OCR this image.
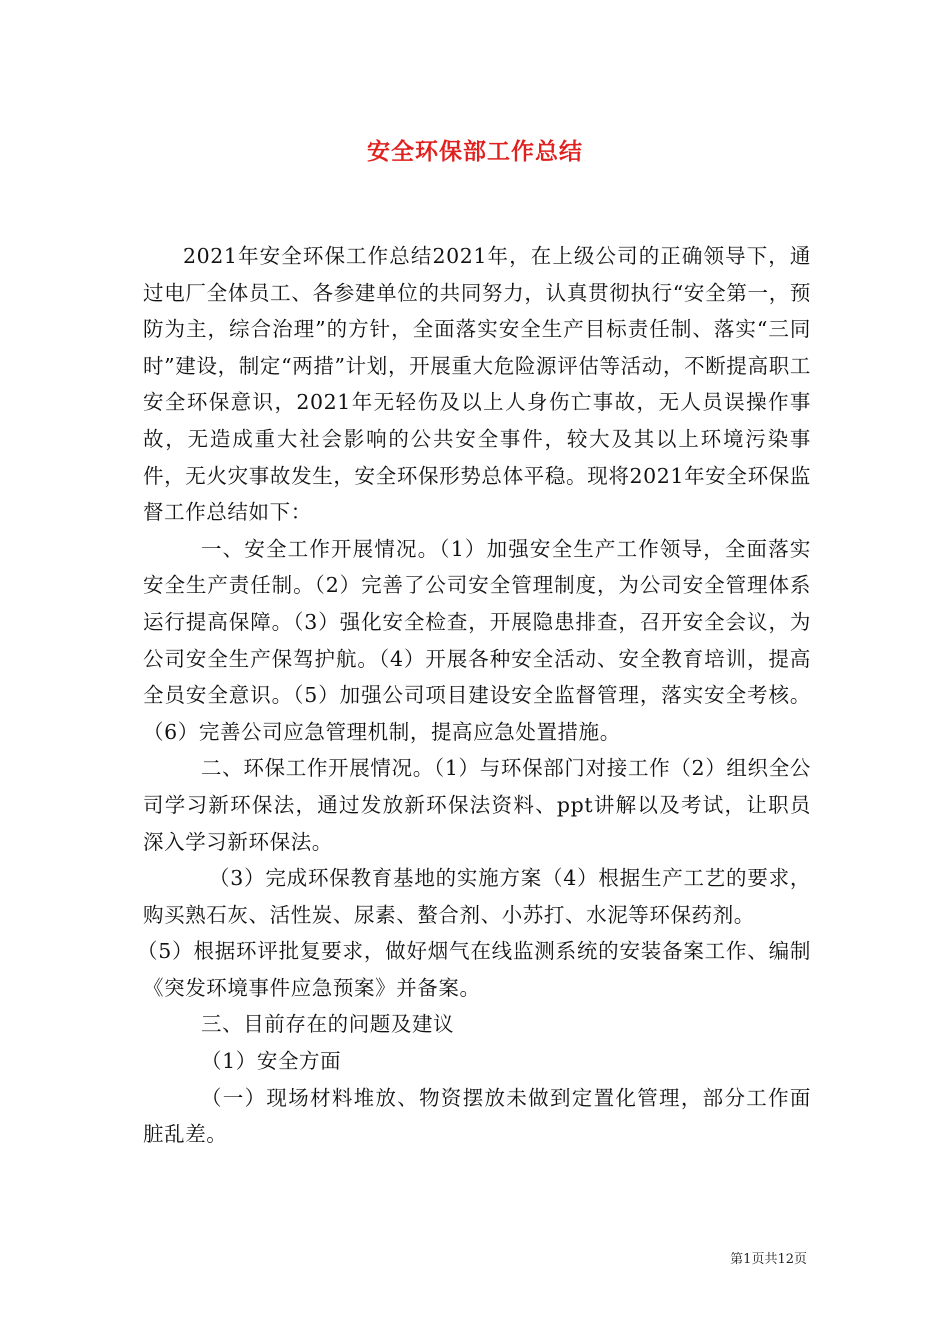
安全环保部工作总结

2021年安全环保工作总结2021年，在上级公司的正确领导下，通过电厂全体员工、各参建单位的共同努力，认真贯彻执行“安全第一，预防为主，综合治理”的方针，全面落实安全生产目标责任制、落实“三同时”建设，制定“两措”计划，开展重大危险源评估等活动，不断提高职工安全环保意识，2021年无轻伤及以上人身伤亡事故，无人员误操作事故，无造成重大社会影响的公共安全事件，较大及其以上环境污染事件，无火灾事故发生，安全环保形势总体平稳。现将2021年安全环保监督工作总结如下：

一、安全工作开展情况。（1）加强安全生产工作领导，全面落实安全生产责任制。（2）完善了公司安全管理制度，为公司安全管理体系运行提高保障。（3）强化安全检查，开展隐患排查，召开安全会议，为公司安全生产保驾护航。（4）开展各种安全活动、安全教育培训，提高全员安全意识。（5）加强公司项目建设安全监督管理，落实安全考核。（6）完善公司应急管理机制，提高应急处置措施。

二、环保工作开展情况。（1）与环保部门对接工作（2）组织全公司学习新环保法，通过发放新环保法资料、ppt讲解以及考试，让职员深入学习新环保法。

（3）完成环保教育基地的实施方案（4）根据生产工艺的要求，购买熟石灰、活性炭、尿素、螯合剂、小苏打、水泥等环保药剂。

（5）根据环评批复要求，做好烟气在线监测系统的安装备案工作、编制《突发环境事件应急预案》并备案。

三、目前存在的问题及建议

（1）安全方面

（一）现场材料堆放、物资摆放未做到定置化管理，部分工作面脏乱差。

第1页共12页
